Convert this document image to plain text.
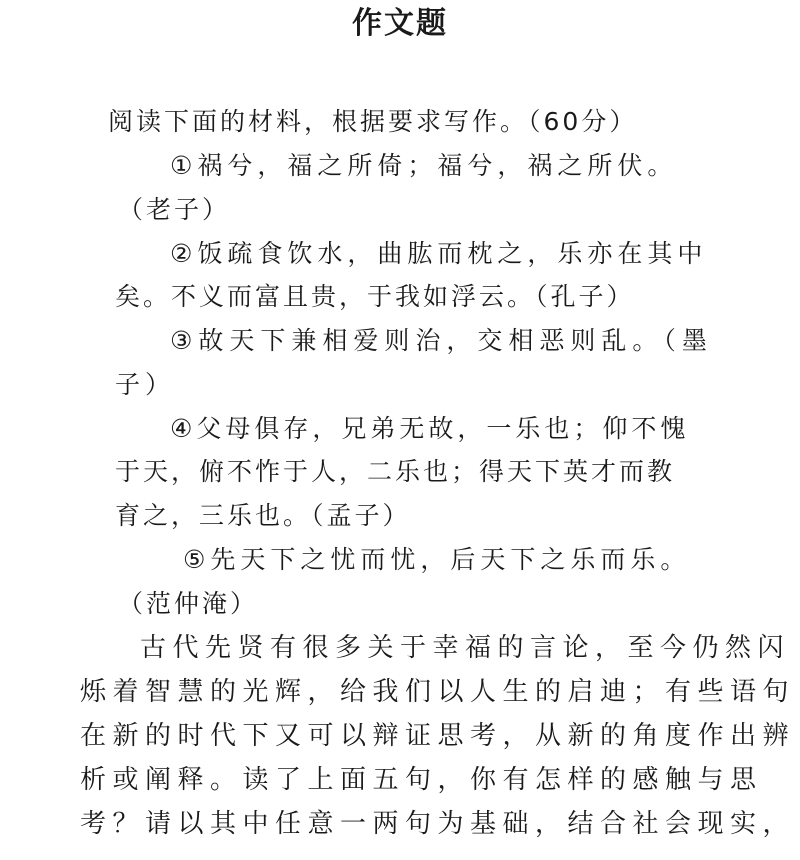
作文题
阅读下面的材料，根据要求写作。（60分）
①祸兮，福之所倚；福兮，祸之所伏。
（老子）
②饭疏食饮水，曲肱而枕之，乐亦在其中
矣。不义而富且贵，于我如浮云。（孔子）
③故天下兼相爱则治，交相恶则乱。（墨
子）
④父母俱存，兄弟无故，一乐也；仰不愧
于天，俯不怍于人，二乐也；得天下英才而教
育之，三乐也。（孟子）
⑤先天下之忧而忧，后天下之乐而乐。
（范仲淹）
古代先贤有很多关于幸福的言论，至今仍然闪
烁着智慧的光辉，给我们以人生的启迪；有些语句
在新的时代下又可以辩证思考，从新的角度作出辨
析或阐释。读了上面五句，你有怎样的感触与思
考？请以其中任意一两句为基础，结合社会现实，
